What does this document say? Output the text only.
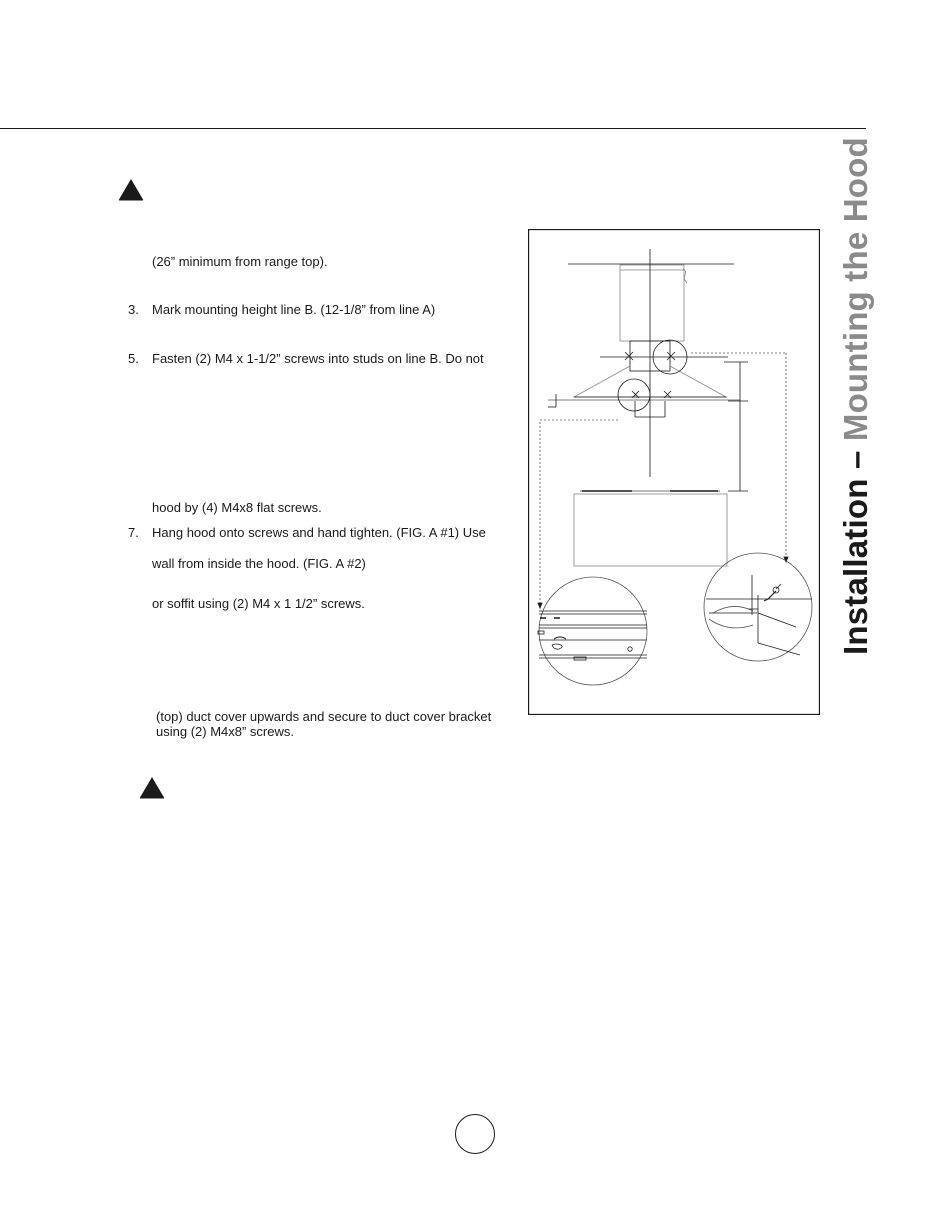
(26” minimum from range top).
3. Mark mounting height line B. (12-1/8” from line A)
5. Fasten (2) M4 x 1-1/2” screws into studs on line B. Do not
hood by (4) M4x8 flat screws.
7. Hang hood onto screws and hand tighten. (FIG. A #1) Use
wall from inside the hood. (FIG. A #2)
or soffit using (2) M4 x 1 1/2” screws.
(top) duct cover upwards and secure to duct cover bracket
using (2) M4x8” screws.
Installation – Mounting the Hood
